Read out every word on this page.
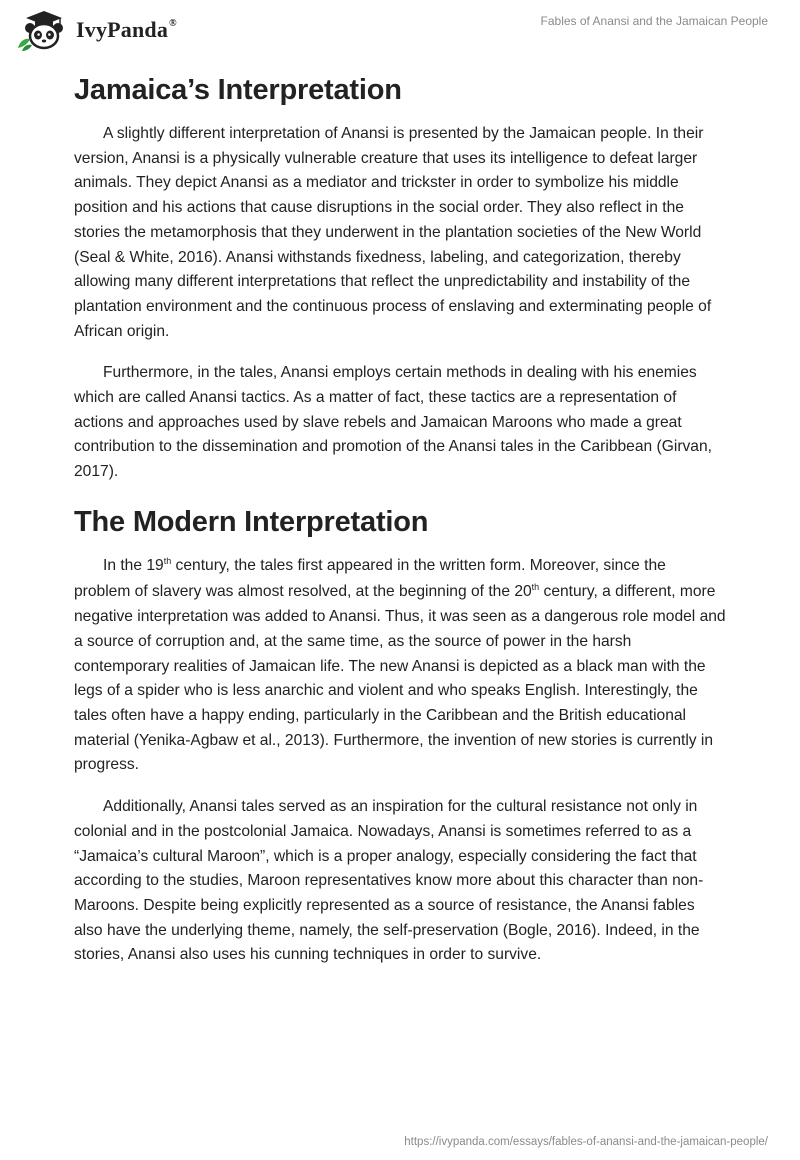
IvyPanda®	Fables of Anansi and the Jamaican People
Jamaica’s Interpretation

A slightly different interpretation of Anansi is presented by the Jamaican people. In their version, Anansi is a physically vulnerable creature that uses its intelligence to defeat larger animals. They depict Anansi as a mediator and trickster in order to symbolize his middle position and his actions that cause disruptions in the social order. They also reflect in the stories the metamorphosis that they underwent in the plantation societies of the New World (Seal & White, 2016). Anansi withstands fixedness, labeling, and categorization, thereby allowing many different interpretations that reflect the unpredictability and instability of the plantation environment and the continuous process of enslaving and exterminating people of African origin.

Furthermore, in the tales, Anansi employs certain methods in dealing with his enemies which are called Anansi tactics. As a matter of fact, these tactics are a representation of actions and approaches used by slave rebels and Jamaican Maroons who made a great contribution to the dissemination and promotion of the Anansi tales in the Caribbean (Girvan, 2017).

The Modern Interpretation

In the 19th century, the tales first appeared in the written form. Moreover, since the problem of slavery was almost resolved, at the beginning of the 20th century, a different, more negative interpretation was added to Anansi. Thus, it was seen as a dangerous role model and a source of corruption and, at the same time, as the source of power in the harsh contemporary realities of Jamaican life. The new Anansi is depicted as a black man with the legs of a spider who is less anarchic and violent and who speaks English. Interestingly, the tales often have a happy ending, particularly in the Caribbean and the British educational material (Yenika-Agbaw et al., 2013). Furthermore, the invention of new stories is currently in progress.

Additionally, Anansi tales served as an inspiration for the cultural resistance not only in colonial and in the postcolonial Jamaica. Nowadays, Anansi is sometimes referred to as a “Jamaica’s cultural Maroon”, which is a proper analogy, especially considering the fact that according to the studies, Maroon representatives know more about this character than non-Maroons. Despite being explicitly represented as a source of resistance, the Anansi fables also have the underlying theme, namely, the self-preservation (Bogle, 2016). Indeed, in the stories, Anansi also uses his cunning techniques in order to survive.

https://ivypanda.com/essays/fables-of-anansi-and-the-jamaican-people/
